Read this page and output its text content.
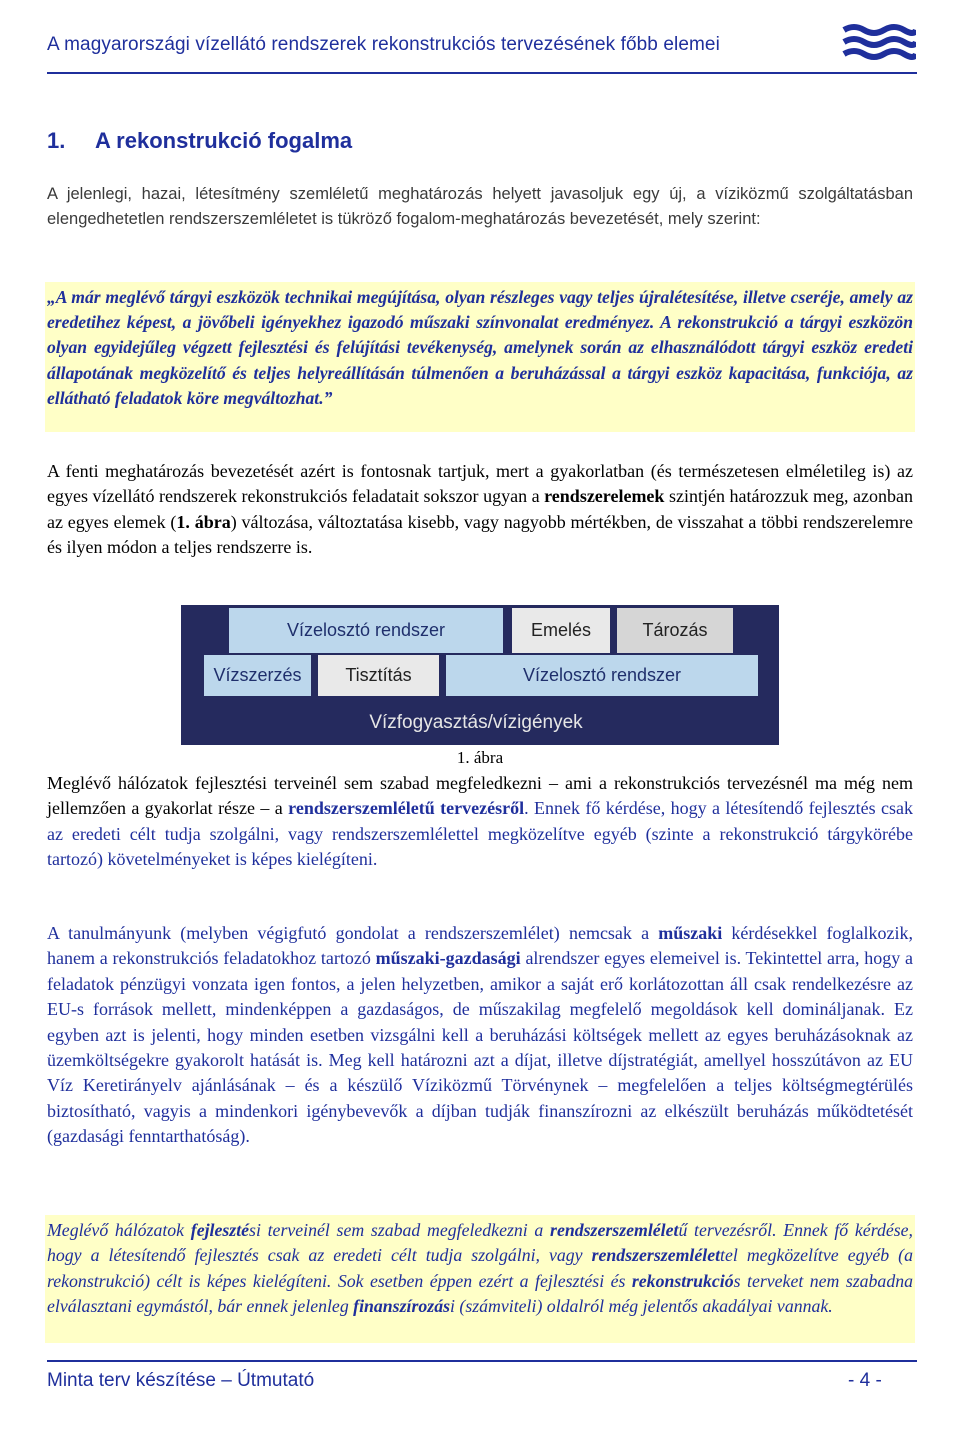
A magyarországi vízellátó rendszerek rekonstrukciós tervezésének főbb elemei
1. A rekonstrukció fogalma

A jelenlegi, hazai, létesítmény szemléletű meghatározás helyett javasoljuk egy új, a víziközmű szolgáltatásban elengedhetetlen rendszerszemléletet is tükröző fogalom-meghatározás bevezetését, mely szerint:

„A már meglévő tárgyi eszközök technikai megújítása, olyan részleges vagy teljes újralétesítése, illetve cseréje, amely az eredetihez képest, a jövőbeli igényekhez igazodó műszaki színvonalat eredményez. A rekonstrukció a tárgyi eszközön olyan egyidejűleg végzett fejlesztési és felújítási tevékenység, amelynek során az elhasználódott tárgyi eszköz eredeti állapotának megközelítő és teljes helyreállításán túlmenően a beruházással a tárgyi eszköz kapacitása, funkciója, az ellátható feladatok köre megváltozhat.”

A fenti meghatározás bevezetését azért is fontosnak tartjuk, mert a gyakorlatban (és természetesen elméletileg is) az egyes vízellátó rendszerek rekonstrukciós feladatait sokszor ugyan a rendszerelemek szintjén határozzuk meg, azonban az egyes elemek (1. ábra) változása, változtatása kisebb, vagy nagyobb mértékben, de visszahat a többi rendszerelemre és ilyen módon a teljes rendszerre is.

Vízelosztó rendszer	Emelés	Tározás
Vízszerzés	Tisztítás	Vízelosztó rendszer
Vízfogyasztás/vízigények
1. ábra

Meglévő hálózatok fejlesztési terveinél sem szabad megfeledkezni – ami a rekonstrukciós tervezésnél ma még nem jellemzően a gyakorlat része – a rendszerszemléletű tervezésről. Ennek fő kérdése, hogy a létesítendő fejlesztés csak az eredeti célt tudja szolgálni, vagy rendszerszemlélettel megközelítve egyéb (szinte a rekonstrukció tárgykörébe tartozó) követelményeket is képes kielégíteni.

A tanulmányunk (melyben végigfutó gondolat a rendszerszemlélet) nemcsak a műszaki kérdésekkel foglalkozik, hanem a rekonstrukciós feladatokhoz tartozó műszaki-gazdasági alrendszer egyes elemeivel is. Tekintettel arra, hogy a feladatok pénzügyi vonzata igen fontos, a jelen helyzetben, amikor a saját erő korlátozottan áll csak rendelkezésre az EU-s források mellett, mindenképpen a gazdaságos, de műszakilag megfelelő megoldások kell domináljanak. Ez egyben azt is jelenti, hogy minden esetben vizsgálni kell a beruházási költségek mellett az egyes beruházásoknak az üzemköltségekre gyakorolt hatását is. Meg kell határozni azt a díjat, illetve díjstratégiát, amellyel hosszútávon az EU Víz Keretirányelv ajánlásának – és a készülő Víziközmű Törvénynek – megfelelően a teljes költségmegtérülés biztosítható, vagyis a mindenkori igénybevevők a díjban tudják finanszírozni az elkészült beruházás működtetését (gazdasági fenntarthatóság).

Meglévő hálózatok fejlesztési terveinél sem szabad megfeledkezni a rendszerszemléletű tervezésről. Ennek fő kérdése, hogy a létesítendő fejlesztés csak az eredeti célt tudja szolgálni, vagy rendszerszemlélettel megközelítve egyéb (a rekonstrukció) célt is képes kielégíteni. Sok esetben éppen ezért a fejlesztési és rekonstrukciós terveket nem szabadna elválasztani egymástól, bár ennek jelenleg finanszírozási (számviteli) oldalról még jelentős akadályai vannak.

Minta terv készítése – Útmutató	- 4 -
